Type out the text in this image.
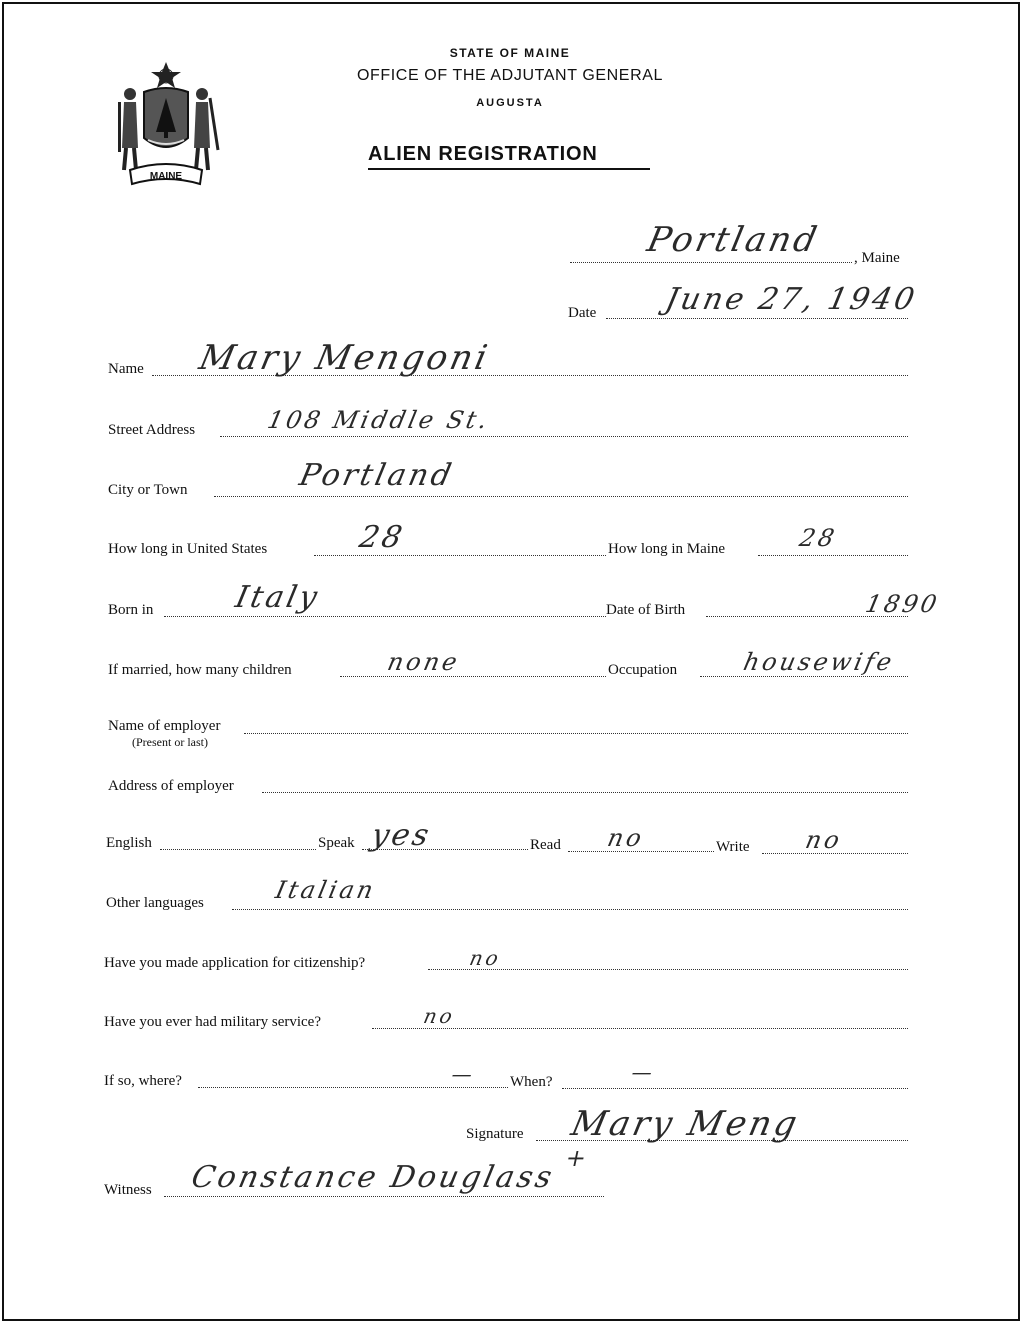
MAINE
STATE OF MAINE
OFFICE OF THE ADJUTANT GENERAL
AUGUSTA
ALIEN REGISTRATION
Portland , Maine
Date June 27, 1940
Name Mary Mengoni
Street Address	108 Middle St.
City or Town	Portland
How long in United States	28	How long in Maine	28
Born in	Italy	Date of Birth	1890
If married, how many children	none	Occupation	housewife
Name of employer
(Present or last)
Address of employer
English	Speak yes	Read no	Write no
Other languages	Italian
Have you made application for citizenship?	no
Have you ever had military service?	no
If so, where?	— When?	—
Signature Mary Meng
+
Witness Constance Douglass
